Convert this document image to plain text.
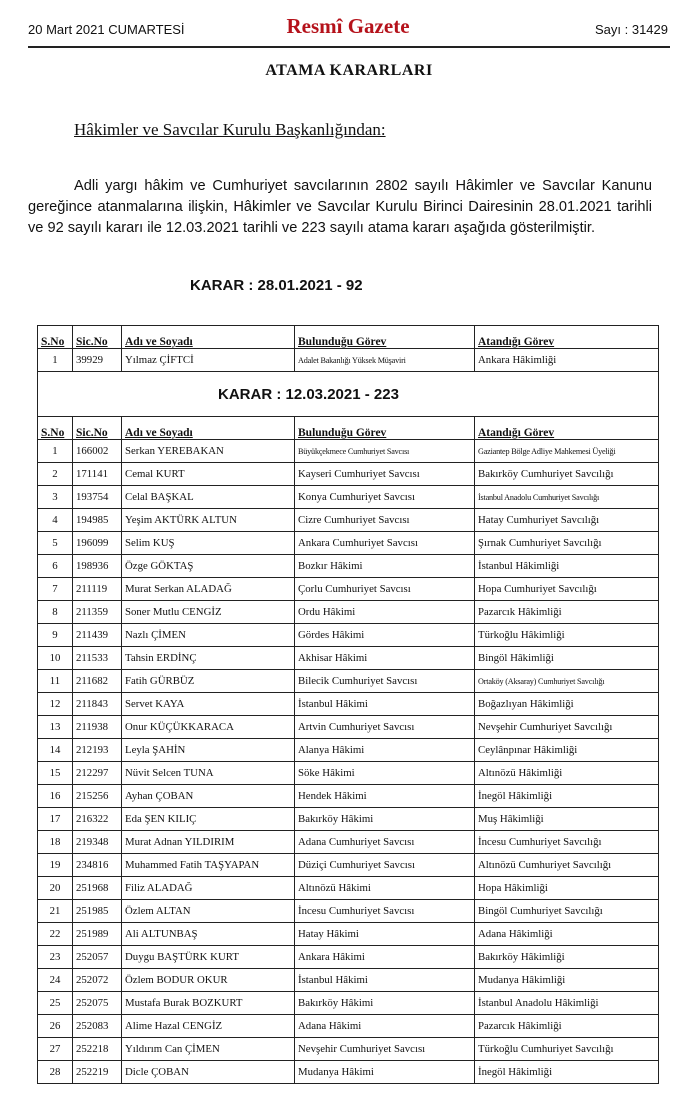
20 Mart 2021 CUMARTESİ	Resmî Gazete	Sayı : 31429
ATAMA KARARLARI
Hâkimler ve Savcılar Kurulu Başkanlığından:

Adli yargı hâkim ve Cumhuriyet savcılarının 2802 sayılı Hâkimler ve Savcılar Kanunu gereğince atanmalarına ilişkin, Hâkimler ve Savcılar Kurulu Birinci Dairesinin 28.01.2021 tarihli ve 92 sayılı kararı ile 12.03.2021 tarihli ve 223 sayılı atama kararı aşağıda gösterilmiştir.

KARAR : 28.01.2021 - 92
S.No	Sic.No	Adı ve Soyadı	Bulunduğu Görev	Atandığı Görev
1	39929	Yılmaz ÇİFTCİ	Adalet Bakanlığı Yüksek Müşaviri	Ankara Hâkimliği
KARAR : 12.03.2021 - 223				
S.No	Sic.No	Adı ve Soyadı	Bulunduğu Görev	Atandığı Görev
1	166002	Serkan YEREBAKAN	Büyükçekmece Cumhuriyet Savcısı	Gaziantep Bölge Adliye Mahkemesi Üyeliği
2	171141	Cemal KURT	Kayseri Cumhuriyet Savcısı	Bakırköy Cumhuriyet Savcılığı
3	193754	Celal BAŞKAL	Konya Cumhuriyet Savcısı	İstanbul Anadolu Cumhuriyet Savcılığı
4	194985	Yeşim AKTÜRK ALTUN	Cizre Cumhuriyet Savcısı	Hatay Cumhuriyet Savcılığı
5	196099	Selim KUŞ	Ankara Cumhuriyet Savcısı	Şırnak Cumhuriyet Savcılığı
6	198936	Özge GÖKTAŞ	Bozkır Hâkimi	İstanbul Hâkimliği
7	211119	Murat Serkan ALADAĞ	Çorlu Cumhuriyet Savcısı	Hopa Cumhuriyet Savcılığı
8	211359	Soner Mutlu CENGİZ	Ordu Hâkimi	Pazarcık Hâkimliği
9	211439	Nazlı ÇİMEN	Gördes Hâkimi	Türkoğlu Hâkimliği
10	211533	Tahsin ERDİNÇ	Akhisar Hâkimi	Bingöl Hâkimliği
11	211682	Fatih GÜRBÜZ	Bilecik Cumhuriyet Savcısı	Ortaköy (Aksaray) Cumhuriyet Savcılığı
12	211843	Servet KAYA	İstanbul Hâkimi	Boğazlıyan Hâkimliği
13	211938	Onur KÜÇÜKKARACA	Artvin Cumhuriyet Savcısı	Nevşehir Cumhuriyet Savcılığı
14	212193	Leyla ŞAHİN	Alanya Hâkimi	Ceylânpınar Hâkimliği
15	212297	Nüvit Selcen TUNA	Söke Hâkimi	Altınözü Hâkimliği
16	215256	Ayhan ÇOBAN	Hendek Hâkimi	İnegöl Hâkimliği
17	216322	Eda ŞEN KILIÇ	Bakırköy Hâkimi	Muş Hâkimliği
18	219348	Murat Adnan YILDIRIM	Adana Cumhuriyet Savcısı	İncesu Cumhuriyet Savcılığı
19	234816	Muhammed Fatih TAŞYAPAN	Düziçi Cumhuriyet Savcısı	Altınözü Cumhuriyet Savcılığı
20	251968	Filiz ALADAĞ	Altınözü Hâkimi	Hopa Hâkimliği
21	251985	Özlem ALTAN	İncesu Cumhuriyet Savcısı	Bingöl Cumhuriyet Savcılığı
22	251989	Ali ALTUNBAŞ	Hatay Hâkimi	Adana Hâkimliği
23	252057	Duygu BAŞTÜRK KURT	Ankara Hâkimi	Bakırköy Hâkimliği
24	252072	Özlem BODUR OKUR	İstanbul Hâkimi	Mudanya Hâkimliği
25	252075	Mustafa Burak BOZKURT	Bakırköy Hâkimi	İstanbul Anadolu Hâkimliği
26	252083	Alime Hazal CENGİZ	Adana Hâkimi	Pazarcık Hâkimliği
27	252218	Yıldırım Can ÇİMEN	Nevşehir Cumhuriyet Savcısı	Türkoğlu Cumhuriyet Savcılığı
28	252219	Dicle ÇOBAN	Mudanya Hâkimi	İnegöl Hâkimliği
